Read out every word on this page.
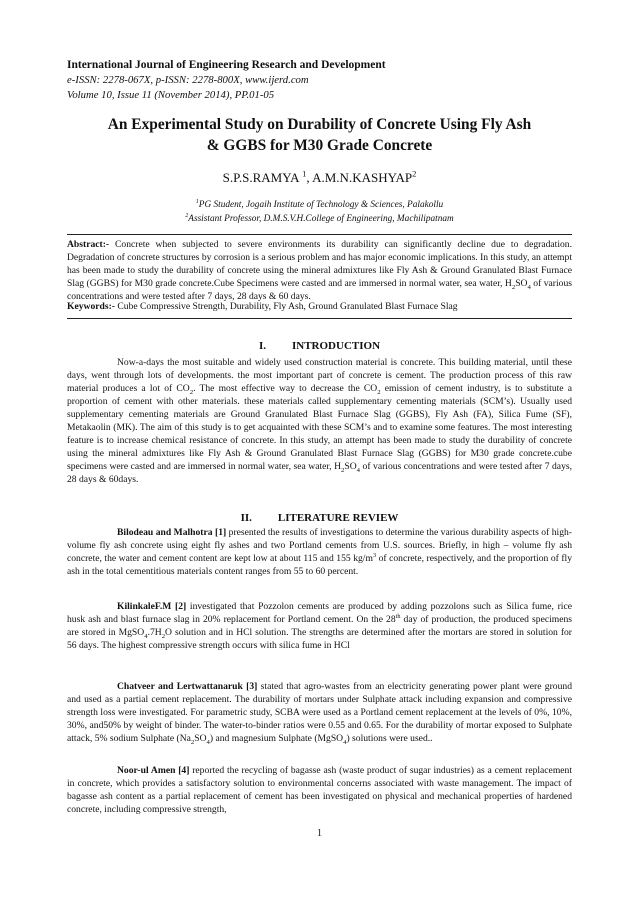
International Journal of Engineering Research and Development
e-ISSN: 2278-067X, p-ISSN: 2278-800X, www.ijerd.com
Volume 10, Issue 11 (November 2014), PP.01-05
An Experimental Study on Durability of Concrete Using Fly Ash
& GGBS for M30 Grade Concrete
S.P.S.RAMYA $^1$, A.M.N.KASHYAP$^2$
$^1$PG Student, Jogaih Institute of Technology & Sciences, Palakollu
$^2$Assistant Professor, D.M.S.V.H.College of Engineering, Machilipatnam
Abstract:- Concrete when subjected to severe environments its durability can significantly decline due to degradation. Degradation of concrete structures by corrosion is a serious problem and has major economic implications. In this study, an attempt has been made to study the durability of concrete using the mineral admixtures like Fly Ash & Ground Granulated Blast Furnace Slag (GGBS) for M30 grade concrete.Cube Specimens were casted and are immersed in normal water, sea water, $H_2SO_4$ of various concentrations and were tested after 7 days, 28 days & 60 days.
Keywords:- Cube Compressive Strength, Durability, Fly Ash, Ground Granulated Blast Furnace Slag
I. INTRODUCTION
Now-a-days the most suitable and widely used construction material is concrete. This building material, until these days, went through lots of developments. the most important part of concrete is cement. The production process of this raw material produces a lot of $CO_2$. The most effective way to decrease the $CO_2$ emission of cement industry, is to substitute a proportion of cement with other materials. these materials called supplementary cementing materials (SCM’s). Usually used supplementary cementing materials are Ground Granulated Blast Furnace Slag (GGBS), Fly Ash (FA), Silica Fume (SF), Metakaolin (MK). The aim of this study is to get acquainted with these SCM’s and to examine some features. The most interesting feature is to increase chemical resistance of concrete. In this study, an attempt has been made to study the durability of concrete using the mineral admixtures like Fly Ash & Ground Granulated Blast Furnace Slag (GGBS) for M30 grade concrete.cube specimens were casted and are immersed in normal water, sea water, $H_2SO_4$ of various concentrations and were tested after 7 days, 28 days & 60days.
II. LITERATURE REVIEW
Bilodeau and Malhotra [1] presented the results of investigations to determine the various durability aspects of high-volume fly ash concrete using eight fly ashes and two Portland cements from U.S. sources. Briefly, in high – volume fly ash concrete, the water and cement content are kept low at about 115 and 155 $kg/m^3$ of concrete, respectively, and the proportion of fly ash in the total cementitious materials content ranges from 55 to 60 percent.
KilinkaleF.M [2] investigated that Pozzolon cements are produced by adding pozzolons such as Silica fume, rice husk ash and blast furnace slag in 20% replacement for Portland cement. On the 28th day of production, the produced specimens are stored in $MgSO_4.7H_2O$ solution and in HCl solution. The strengths are determined after the mortars are stored in solution for 56 days. The highest compressive strength occurs with silica fume in HCl
Chatveer and Lertwattanaruk [3] stated that agro-wastes from an electricity generating power plant were ground and used as a partial cement replacement. The durability of mortars under Sulphate attack including expansion and compressive strength loss were investigated. For parametric study, SCBA were used as a Portland cement replacement at the levels of 0%, 10%, 30%, and50% by weight of binder. The water-to-binder ratios were 0.55 and 0.65. For the durability of mortar exposed to Sulphate attack, 5% sodium Sulphate $(Na_2SO_4)$ and magnesium Sulphate (MgSO$_4$) solutions were used..
Noor-ul Amen [4] reported the recycling of bagasse ash (waste product of sugar industries) as a cement replacement in concrete, which provides a satisfactory solution to environmental concerns associated with waste management. The impact of bagasse ash content as a partial replacement of cement has been investigated on physical and mechanical properties of hardened concrete, including compressive strength,
1
